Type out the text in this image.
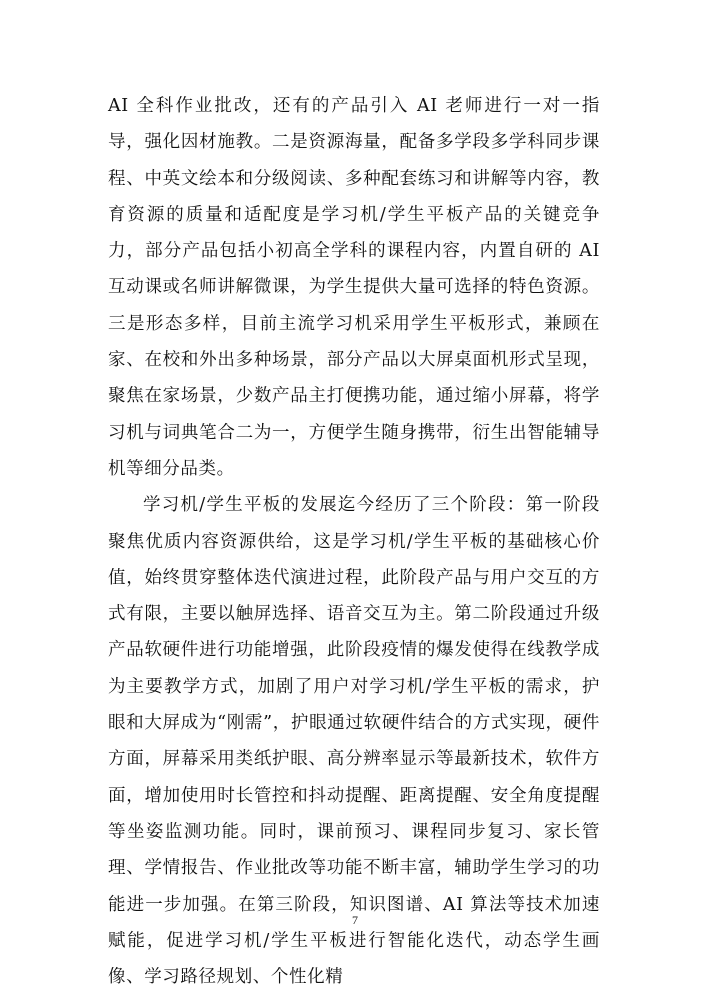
AI 全科作业批改，还有的产品引入 AI 老师进行一对一指导，强化因材施教。二是资源海量，配备多学段多学科同步课程、中英文绘本和分级阅读、多种配套练习和讲解等内容，教育资源的质量和适配度是学习机/学生平板产品的关键竞争力，部分产品包括小初高全学科的课程内容，内置自研的 AI 互动课或名师讲解微课，为学生提供大量可选择的特色资源。三是形态多样，目前主流学习机采用学生平板形式，兼顾在家、在校和外出多种场景，部分产品以大屏桌面机形式呈现，聚焦在家场景，少数产品主打便携功能，通过缩小屏幕，将学习机与词典笔合二为一，方便学生随身携带，衍生出智能辅导机等细分品类。

学习机/学生平板的发展迄今经历了三个阶段：第一阶段聚焦优质内容资源供给，这是学习机/学生平板的基础核心价值，始终贯穿整体迭代演进过程，此阶段产品与用户交互的方式有限，主要以触屏选择、语音交互为主。第二阶段通过升级产品软硬件进行功能增强，此阶段疫情的爆发使得在线教学成为主要教学方式，加剧了用户对学习机/学生平板的需求，护眼和大屏成为“刚需”，护眼通过软硬件结合的方式实现，硬件方面，屏幕采用类纸护眼、高分辨率显示等最新技术，软件方面，增加使用时长管控和抖动提醒、距离提醒、安全角度提醒等坐姿监测功能。同时，课前预习、课程同步复习、家长管理、学情报告、作业批改等功能不断丰富，辅助学生学习的功能进一步加强。在第三阶段，知识图谱、AI 算法等技术加速赋能，促进学习机/学生平板进行智能化迭代，动态学生画像、学习路径规划、个性化精

7
